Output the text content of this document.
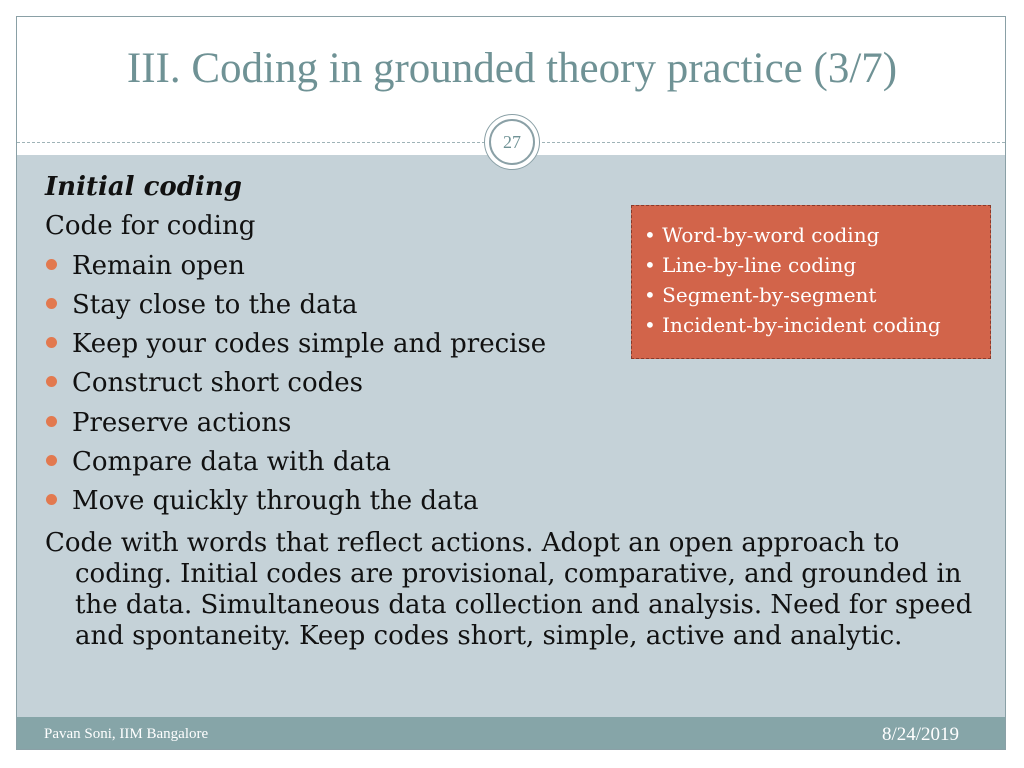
III. Coding in grounded theory practice (3/7)
27
Initial coding
Code for coding
Remain open
Stay close to the data
Keep your codes simple and precise
Construct short codes
Preserve actions
Compare data with data
Move quickly through the data
Code with words that reflect actions. Adopt an open approach to coding. Initial codes are provisional, comparative, and grounded in the data. Simultaneous data collection and analysis. Need for speed and spontaneity. Keep codes short, simple, active and analytic.
• Word-by-word coding
• Line-by-line coding
• Segment-by-segment
• Incident-by-incident coding
Pavan Soni, IIM Bangalore	8/24/2019
